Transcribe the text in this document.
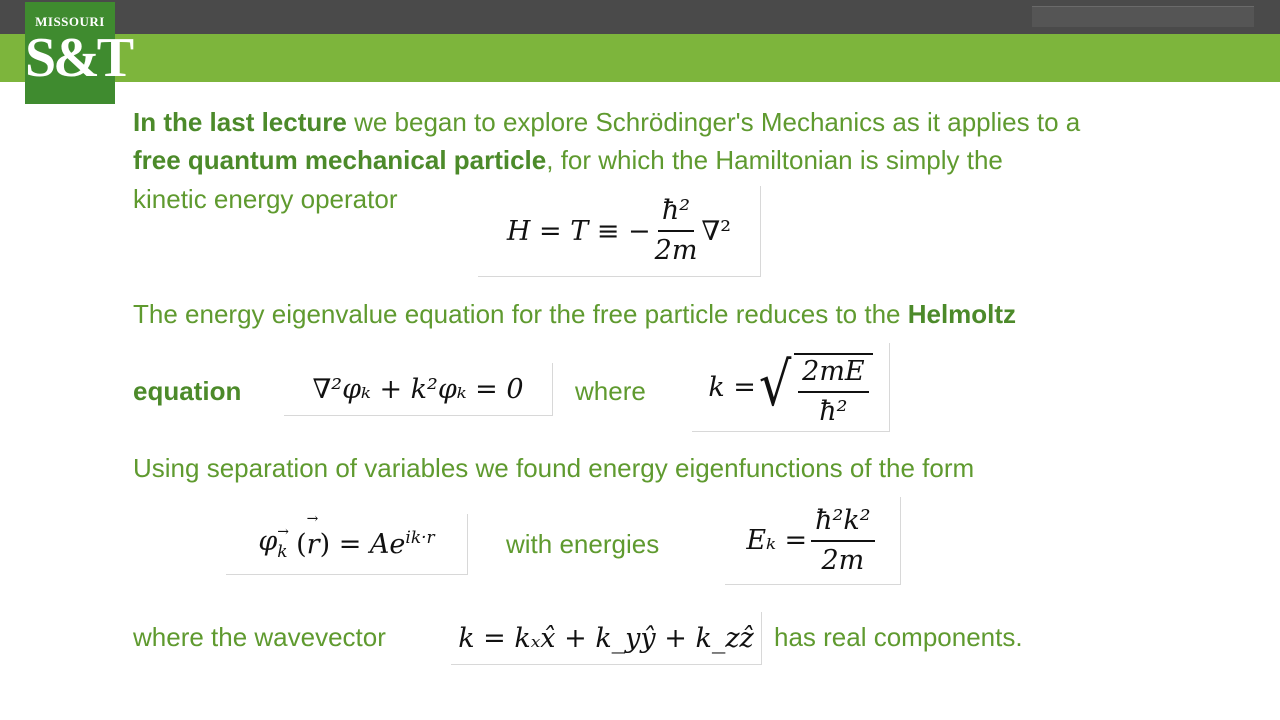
MISSOURI
S&T
In the last lecture we began to explore Schrödinger's Mechanics as it applies to a
free quantum mechanical particle, for which the Hamiltonian is simply the
kinetic energy operator
H = T ≡ − $\frac{\text{ħ²}}{2m} \nabla^2$
The energy eigenvalue equation for the free particle reduces to the Helmoltz
equation	∇²φₖ + k²φₖ = 0	where k = √ $\frac{2mE}{\text{ħ²}}$
Using separation of variables we found energy eigenfunctions of the form
φ→ $_k$ (
→ r ) = $Ae^{ik\cdot r}$	with energies	$E_k = \frac{\text{ħ²k²}}{2m}$
where the wavevector	k = kₓx̂ + k_yŷ + k_zẑ has real components.
